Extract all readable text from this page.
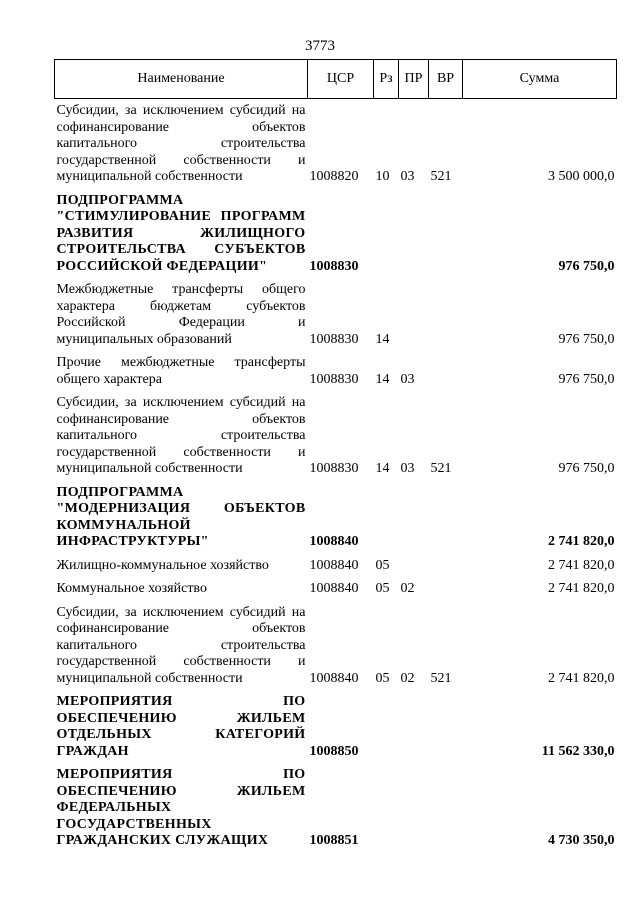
3773
Наименование	ЦСР	Рз	ПР	ВР	Сумма
Субсидии, за исключением субсидий на софинансирование объектов капитального строительства государственной собственности и муниципальной собственности	1008820	10	03	521	3 500 000,0
ПОДПРОГРАММА "СТИМУЛИРОВАНИЕ ПРОГРАММ РАЗВИТИЯ ЖИЛИЩНОГО СТРОИТЕЛЬСТВА СУБЪЕКТОВ РОССИЙСКОЙ ФЕДЕРАЦИИ"	1008830				976 750,0
Межбюджетные трансферты общего характера бюджетам субъектов Российской Федерации и муниципальных образований	1008830	14			976 750,0
Прочие межбюджетные трансферты общего характера	1008830	14	03		976 750,0
Субсидии, за исключением субсидий на софинансирование объектов капитального строительства государственной собственности и муниципальной собственности	1008830	14	03	521	976 750,0
ПОДПРОГРАММА "МОДЕРНИЗАЦИЯ ОБЪЕКТОВ КОММУНАЛЬНОЙ ИНФРАСТРУКТУРЫ"	1008840				2 741 820,0
Жилищно-коммунальное хозяйство	1008840	05			2 741 820,0
Коммунальное хозяйство	1008840	05	02		2 741 820,0
Субсидии, за исключением субсидий на софинансирование объектов капитального строительства государственной собственности и муниципальной собственности	1008840	05	02	521	2 741 820,0
МЕРОПРИЯТИЯ ПО ОБЕСПЕЧЕНИЮ ЖИЛЬЕМ ОТДЕЛЬНЫХ КАТЕГОРИЙ ГРАЖДАН	1008850				11 562 330,0
МЕРОПРИЯТИЯ ПО ОБЕСПЕЧЕНИЮ ЖИЛЬЕМ ФЕДЕРАЛЬНЫХ ГОСУДАРСТВЕННЫХ ГРАЖДАНСКИХ СЛУЖАЩИХ	1008851				4 730 350,0
